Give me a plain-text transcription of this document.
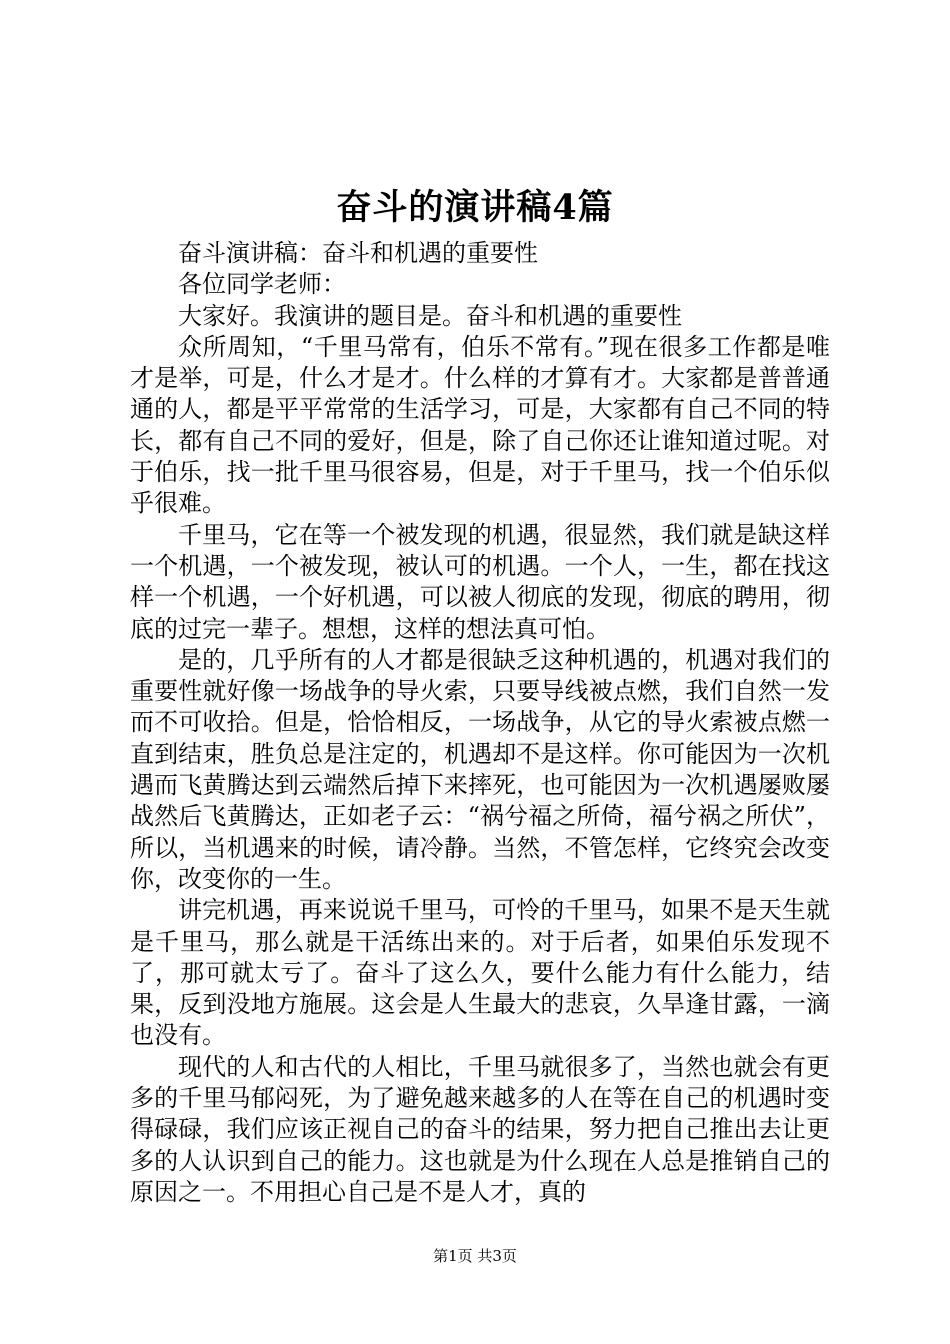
奋斗的演讲稿4篇

奋斗演讲稿：奋斗和机遇的重要性

各位同学老师：

大家好。我演讲的题目是。奋斗和机遇的重要性

众所周知，“千里马常有，伯乐不常有。”现在很多工作都是唯才是举，可是，什么才是才。什么样的才算有才。大家都是普普通通的人，都是平平常常的生活学习，可是，大家都有自己不同的特长，都有自己不同的爱好，但是，除了自己你还让谁知道过呢。对于伯乐，找一批千里马很容易，但是，对于千里马，找一个伯乐似乎很难。

千里马，它在等一个被发现的机遇，很显然，我们就是缺这样一个机遇，一个被发现，被认可的机遇。一个人，一生，都在找这样一个机遇，一个好机遇，可以被人彻底的发现，彻底的聘用，彻底的过完一辈子。想想，这样的想法真可怕。

是的，几乎所有的人才都是很缺乏这种机遇的，机遇对我们的重要性就好像一场战争的导火索，只要导线被点燃，我们自然一发而不可收拾。但是，恰恰相反，一场战争，从它的导火索被点燃一直到结束，胜负总是注定的，机遇却不是这样。你可能因为一次机遇而飞黄腾达到云端然后掉下来摔死，也可能因为一次机遇屡败屡战然后飞黄腾达，正如老子云：“祸兮福之所倚，福兮祸之所伏”，所以，当机遇来的时候，请冷静。当然，不管怎样，它终究会改变你，改变你的一生。

讲完机遇，再来说说千里马，可怜的千里马，如果不是天生就是千里马，那么就是干活练出来的。对于后者，如果伯乐发现不了，那可就太亏了。奋斗了这么久，要什么能力有什么能力，结果，反到没地方施展。这会是人生最大的悲哀，久旱逢甘露，一滴也没有。

现代的人和古代的人相比，千里马就很多了，当然也就会有更多的千里马郁闷死，为了避免越来越多的人在等在自己的机遇时变得碌碌，我们应该正视自己的奋斗的结果，努力把自己推出去让更多的人认识到自己的能力。这也就是为什么现在人总是推销自己的原因之一。不用担心自己是不是人才，真的

第1页 共3页
